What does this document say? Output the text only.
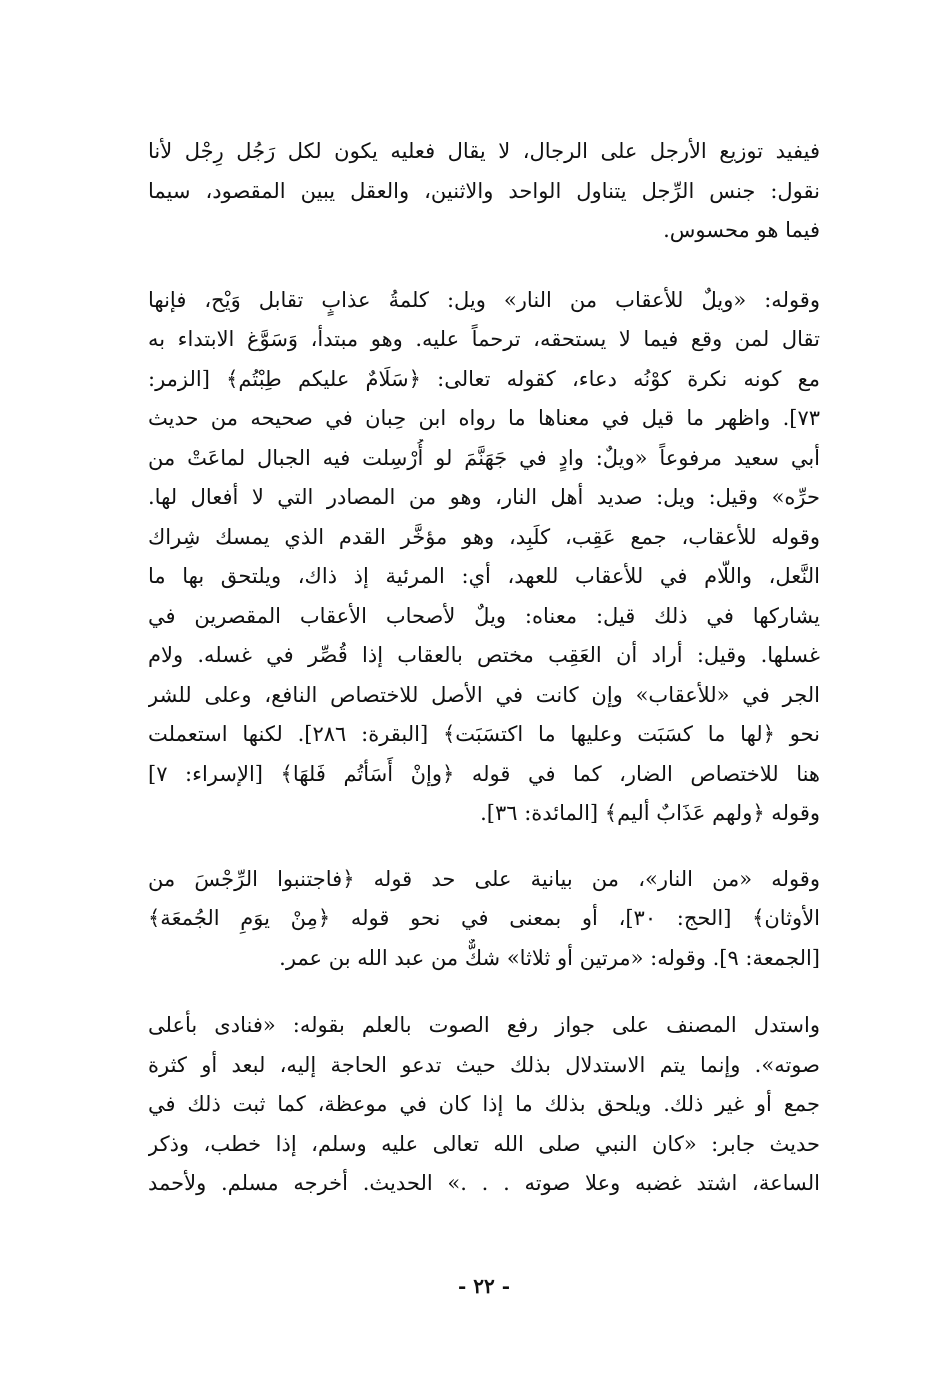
فيفيد توزيع الأرجل على الرجال، لا يقال فعليه يكون لكل رَجُل رِجْل لأنا
نقول: جنس الرِّجل يتناول الواحد والاثنين، والعقل يبين المقصود، سيما
فيما هو محسوس.
وقوله: «ويلٌ للأعقاب من النار» ويل: كلمةُ عذابٍ تقابل وَيْح، فإنها
تقال لمن وقع فيما لا يستحقه، ترحماً عليه. وهو مبتدأ، وَسَوَّغ الابتداء به
مع كونه نكرة كوْنُه دعاء، كقوله تعالى: ﴿سَلَامٌ عليكم طِبْتُم﴾ [الزمر:
٧٣]. واظهر ما قيل في معناها ما رواه ابن حِبان في صحيحه من حديث
أبي سعيد مرفوعاً «ويلٌ: وادٍ في جَهَنَّمَ لو أُرْسِلت فيه الجبال لماعَتْ من
حرِّه» وقيل: ويل: صديد أهل النار، وهو من المصادر التي لا أفعال لها.
وقوله للأعقاب، جمع عَقِب، كلَبِد، وهو مؤخَّر القدم الذي يمسك شِراك
النَّعل، واللّام في للأعقاب للعهد، أي: المرئية إذ ذاك، ويلتحق بها ما
يشاركها في ذلك قيل: معناه: ويلٌ لأصحاب الأعقاب المقصرين في
غسلها. وقيل: أراد أن العَقِب مختص بالعقاب إذا قُصِّر في غسله. ولام
الجر في «للأعقاب» وإن كانت في الأصل للاختصاص النافع، وعلى للشر
نحو ﴿لها ما كسَبَت وعليها ما اكتسَبَت﴾ [البقرة: ٢٨٦]. لكنها استعملت
هنا للاختصاص الضار، كما في قوله ﴿وإنْ أَسَأتُم فَلهَا﴾ [الإسراء: ٧]
وقوله ﴿ولهم عَذَابٌ أليم﴾ [المائدة: ٣٦].
وقوله «من النار»، من بيانية على حد قوله ﴿فاجتنبوا الرِّجْسَ من
الأوثان﴾ [الحج: ٣٠]، أو بمعنى في نحو قوله ﴿مِنْ يوَمِ الجُمعَة﴾
[الجمعة: ٩]. وقوله: «مرتين أو ثلاثا» شكٌّ من عبد الله بن عمر.
واستدل المصنف على جواز رفع الصوت بالعلم بقوله: «فنادى بأعلى
صوته». وإنما يتم الاستدلال بذلك حيث تدعو الحاجة إليه، لبعد أو كثرة
جمع أو غير ذلك. ويلحق بذلك ما إذا كان في موعظة، كما ثبت ذلك في
حديث جابر: «كان النبي صلى الله تعالى عليه وسلم، إذا خطب، وذكر
الساعة، اشتد غضبه وعلا صوته . . .» الحديث. أخرجه مسلم. ولأحمد
- ٢٢ -
